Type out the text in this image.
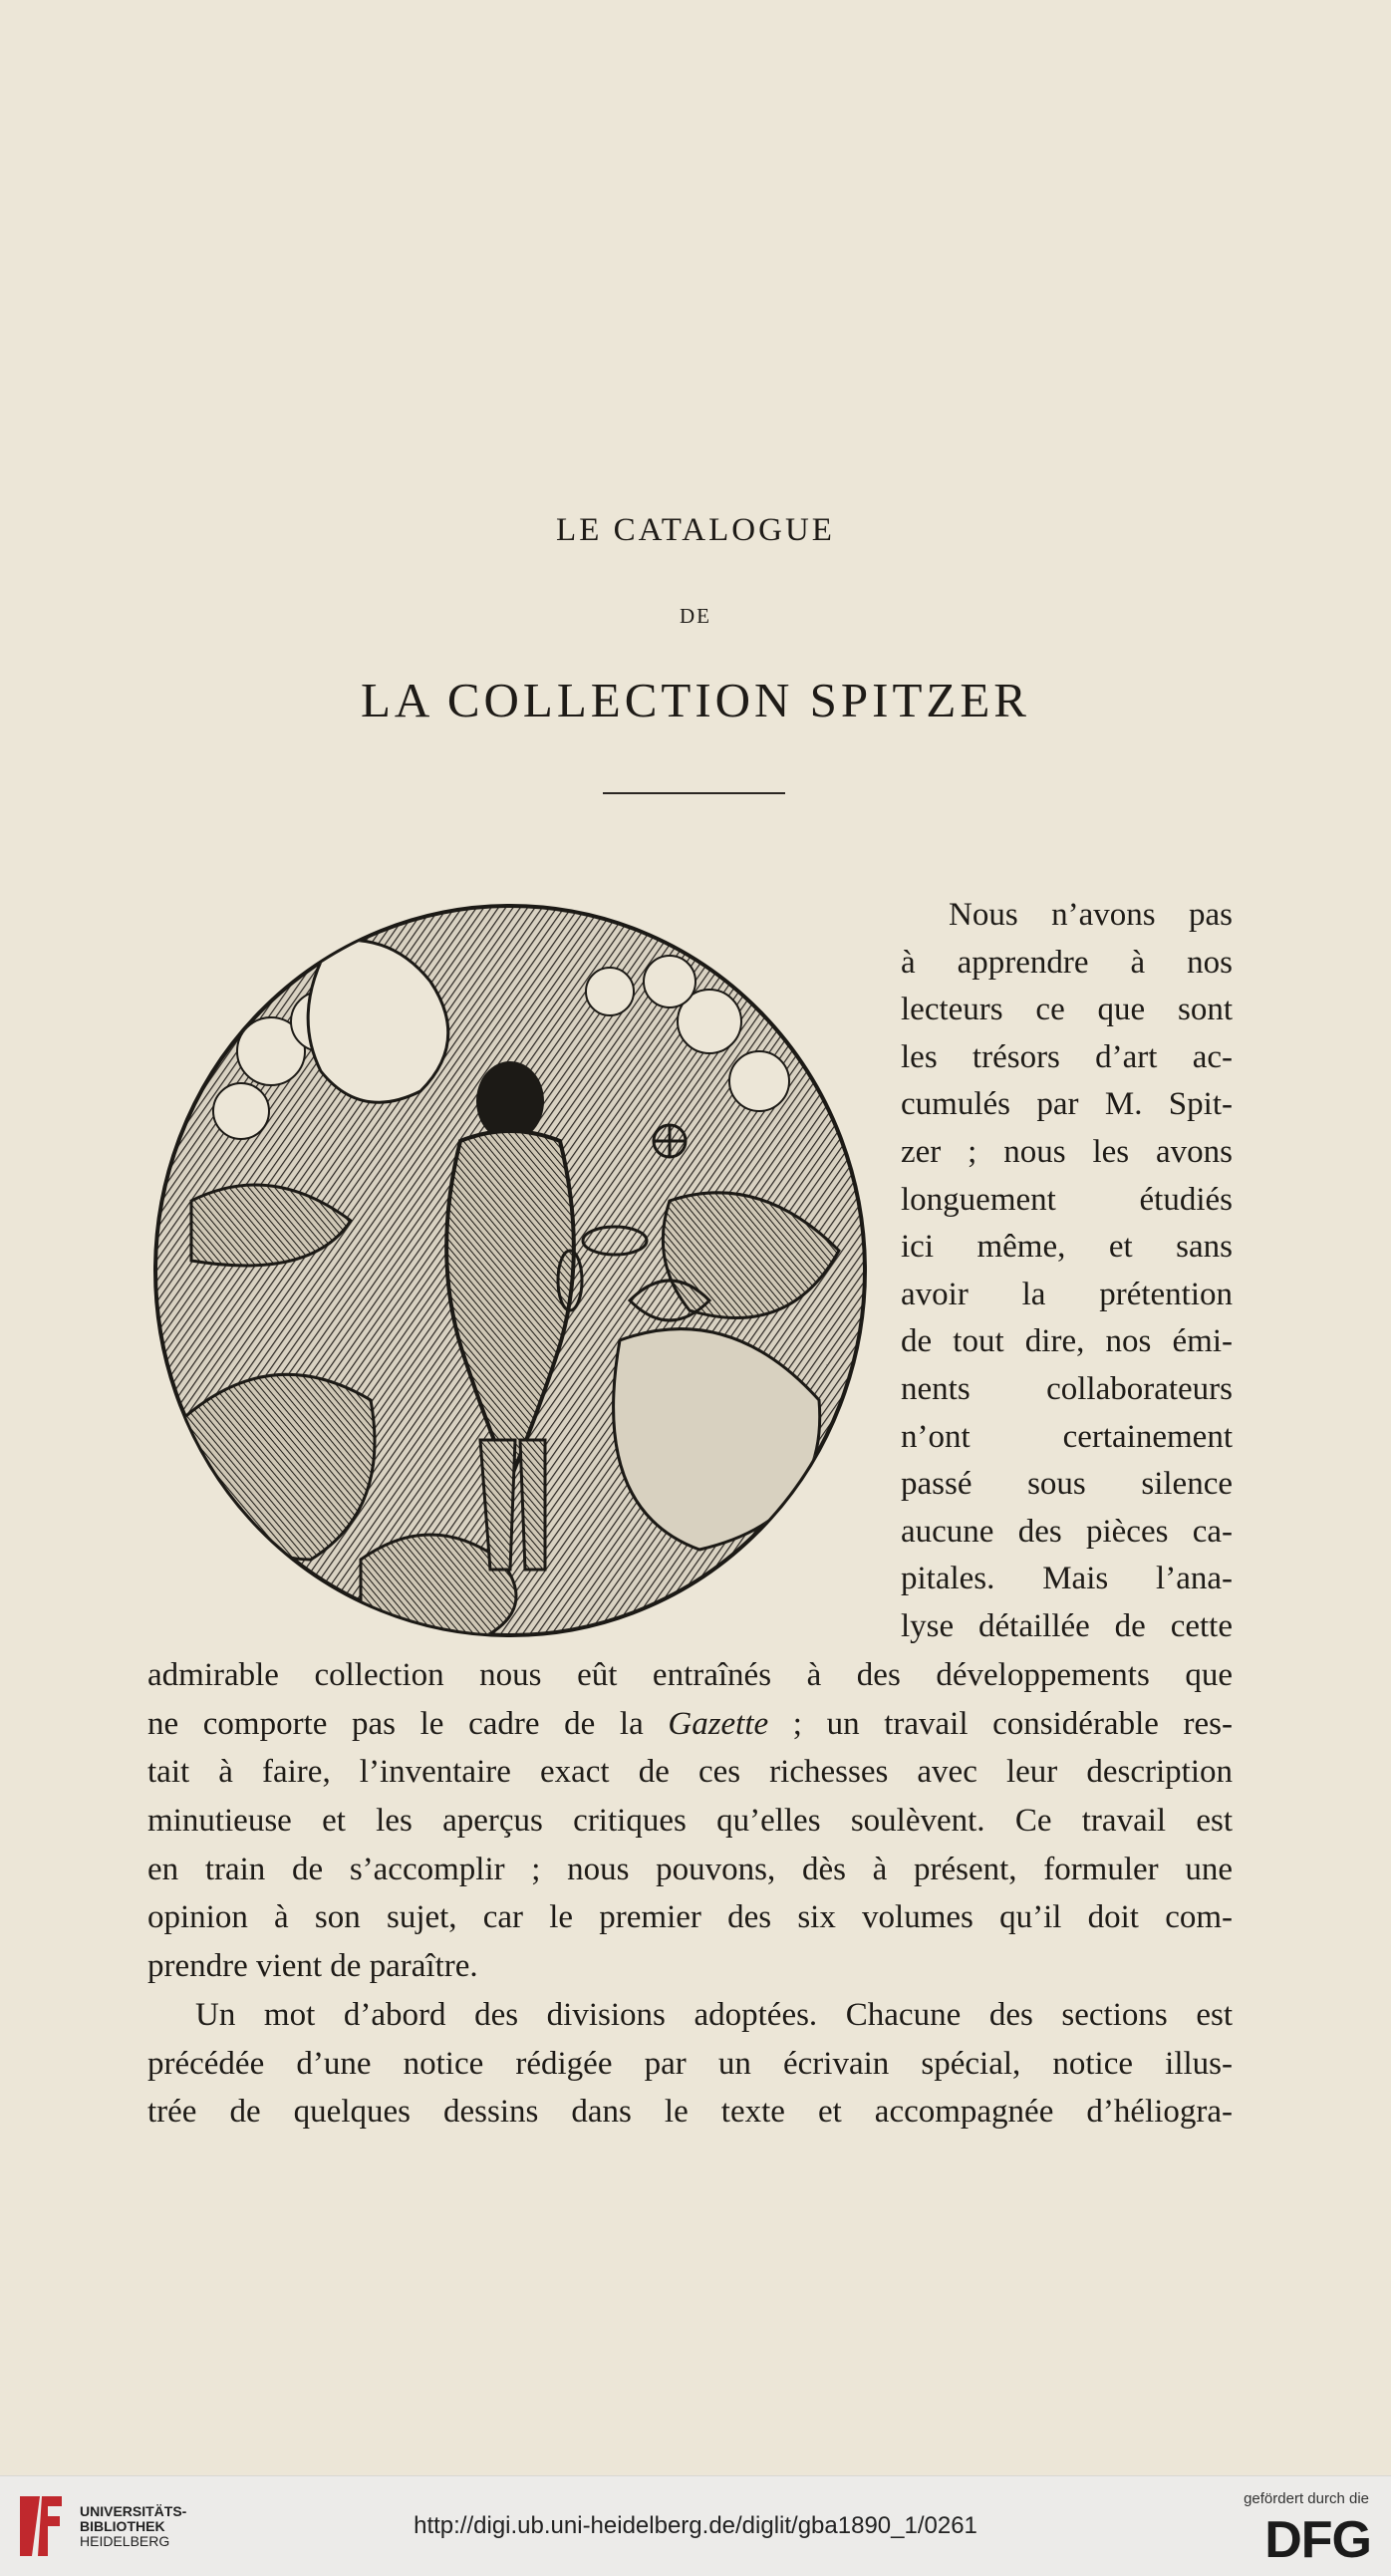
LE CATALOGUE
DE
LA COLLECTION SPITZER
Nous n’avons pas
à apprendre à nos
lecteurs ce que sont
les trésors d’art ac-
cumulés par M. Spit-
zer ; nous les avons
longuement étudiés
ici même, et sans
avoir la prétention
de tout dire, nos émi-
nents collaborateurs
n’ont certainement
passé sous silence
aucune des pièces ca-
pitales. Mais l’ana-
lyse détaillée de cette
admirable collection nous eût entraînés à des développements que
ne comporte pas le cadre de la Gazette ; un travail considérable res-
tait à faire, l’inventaire exact de ces richesses avec leur description
minutieuse et les aperçus critiques qu’elles soulèvent. Ce travail est
en train de s’accomplir ; nous pouvons, dès à présent, formuler une
opinion à son sujet, car le premier des six volumes qu’il doit com-
prendre vient de paraître.
Un mot d’abord des divisions adoptées. Chacune des sections est
précédée d’une notice rédigée par un écrivain spécial, notice illus-
trée de quelques dessins dans le texte et accompagnée d’héliogra-
UNIVERSITÄTS-
BIBLIOTHEK
HEIDELBERG
http://digi.ub.uni-heidelberg.de/diglit/gba1890_1/0261
gefördert durch die
DFG
